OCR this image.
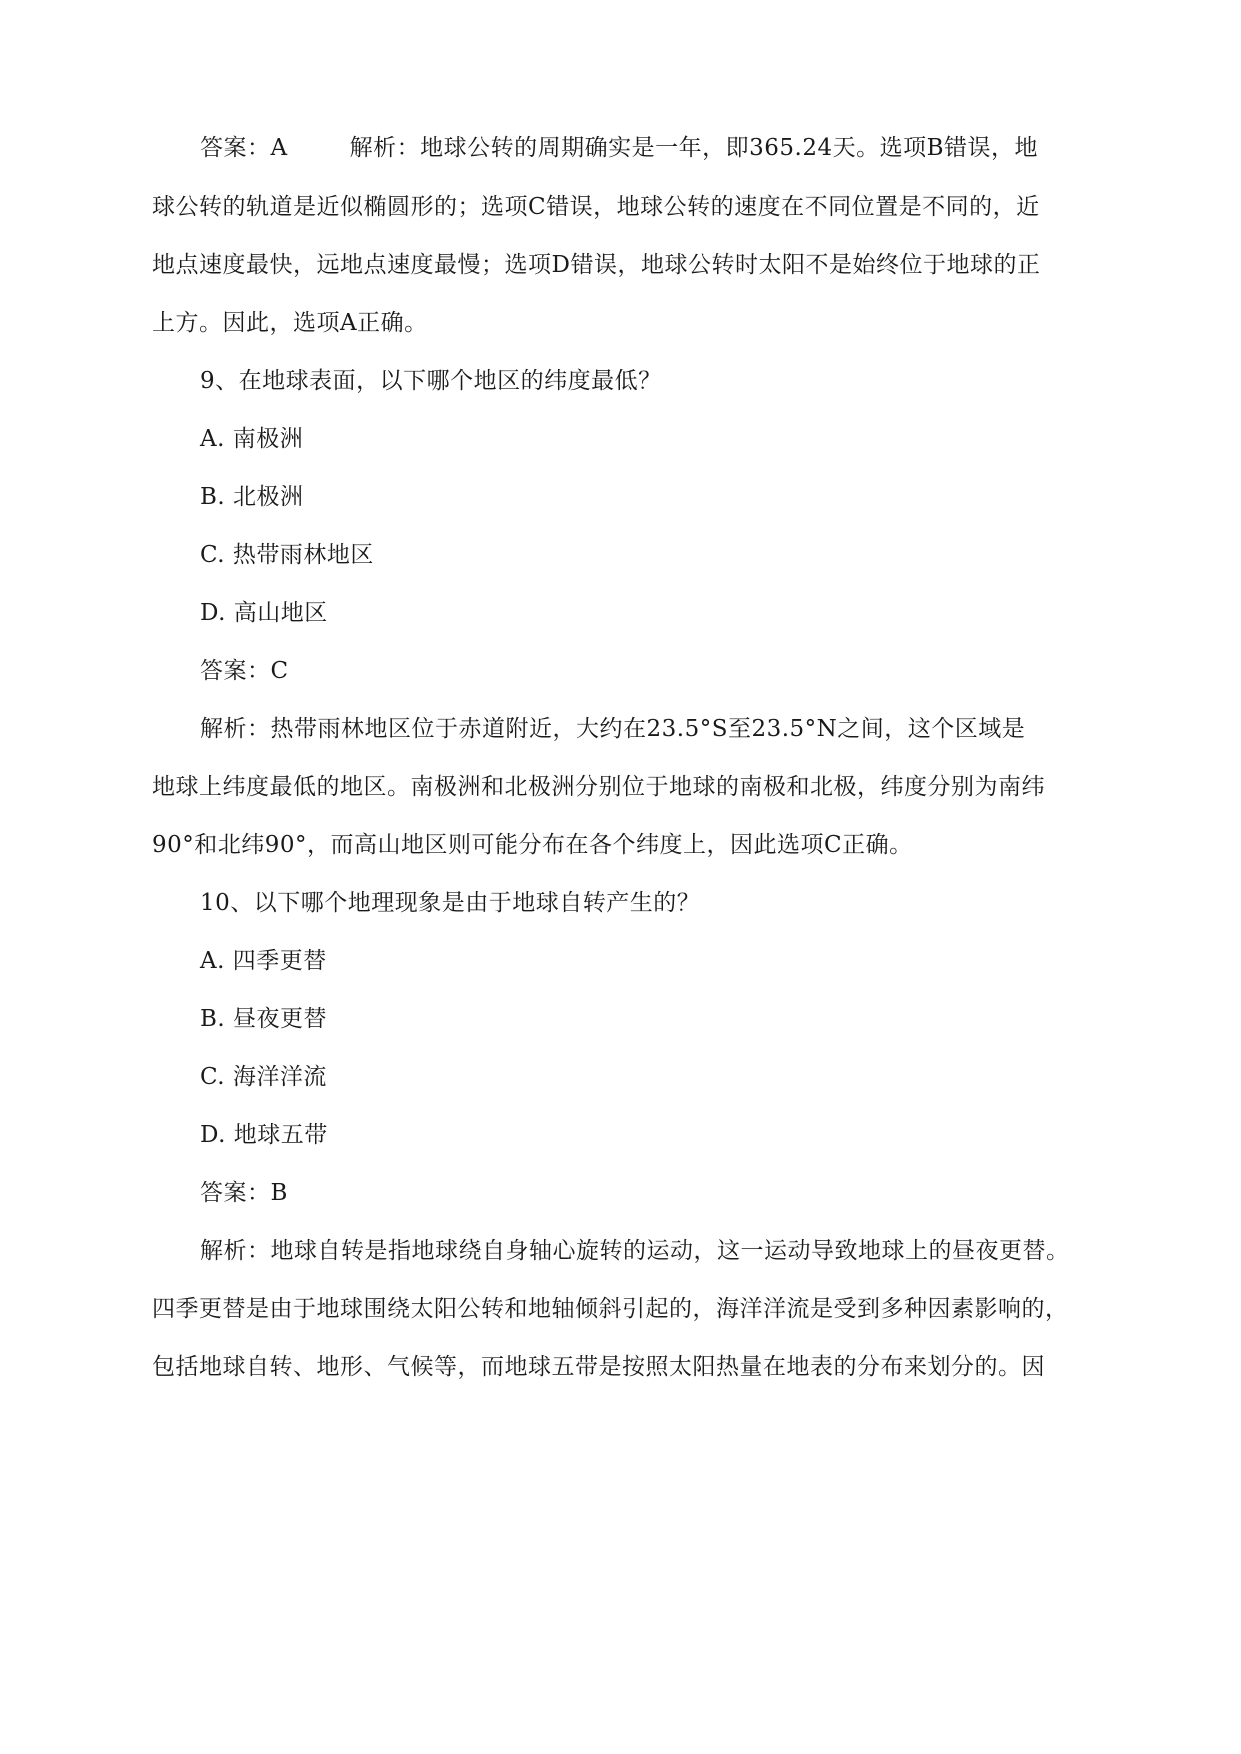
答案：A	解析：地球公转的周期确实是一年，即365.24天。选项B错误，地
球公转的轨道是近似椭圆形的；选项C错误，地球公转的速度在不同位置是不同的，近
地点速度最快，远地点速度最慢；选项D错误，地球公转时太阳不是始终位于地球的正
上方。因此，选项A正确。
9、在地球表面，以下哪个地区的纬度最低？
A. 南极洲
B. 北极洲
C. 热带雨林地区
D. 高山地区
答案：C
解析：热带雨林地区位于赤道附近，大约在23.5°S至23.5°N之间，这个区域是
地球上纬度最低的地区。南极洲和北极洲分别位于地球的南极和北极，纬度分别为南纬
90°和北纬90°，而高山地区则可能分布在各个纬度上，因此选项C正确。
10、以下哪个地理现象是由于地球自转产生的？
A. 四季更替
B. 昼夜更替
C. 海洋洋流
D. 地球五带
答案：B
解析：地球自转是指地球绕自身轴心旋转的运动，这一运动导致地球上的昼夜更替。
四季更替是由于地球围绕太阳公转和地轴倾斜引起的，海洋洋流是受到多种因素影响的，
包括地球自转、地形、气候等，而地球五带是按照太阳热量在地表的分布来划分的。因
